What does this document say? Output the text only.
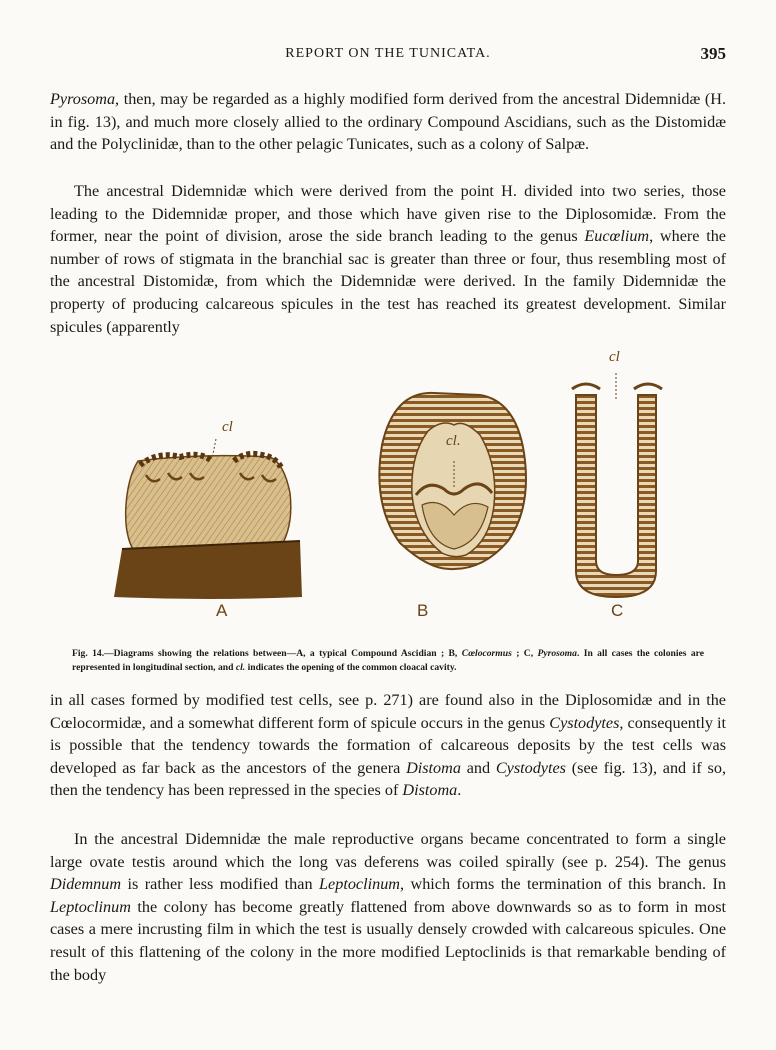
REPORT ON THE TUNICATA.	395

Pyrosoma, then, may be regarded as a highly modified form derived from the ancestral Didemnidæ (H. in fig. 13), and much more closely allied to the ordinary Compound Ascidians, such as the Distomidæ and the Polyclinidæ, than to the other pelagic Tunicates, such as a colony of Salpæ.

The ancestral Didemnidæ which were derived from the point H. divided into two series, those leading to the Didemnidæ proper, and those which have given rise to the Diplosomidæ. From the former, near the point of division, arose the side branch leading to the genus Eucœlium, where the number of rows of stigmata in the branchial sac is greater than three or four, thus resembling most of the ancestral Distomidæ, from which the Didemnidæ were derived. In the family Didemnidæ the property of producing calcareous spicules in the test has reached its greatest development. Similar spicules (apparently

cl
cl.
cl
A	B	C

Fig. 14.—Diagrams showing the relations between—A, a typical Compound Ascidian ; B, Cœlocormus ; C, Pyrosoma. In all cases the colonies are represented in longitudinal section, and cl. indicates the opening of the common cloacal cavity.

in all cases formed by modified test cells, see p. 271) are found also in the Diplosomidæ and in the Cœlocormidæ, and a somewhat different form of spicule occurs in the genus Cystodytes, consequently it is possible that the tendency towards the formation of calcareous deposits by the test cells was developed as far back as the ancestors of the genera Distoma and Cystodytes (see fig. 13), and if so, then the tendency has been repressed in the species of Distoma.

In the ancestral Didemnidæ the male reproductive organs became concentrated to form a single large ovate testis around which the long vas deferens was coiled spirally (see p. 254). The genus Didemnum is rather less modified than Leptoclinum, which forms the termination of this branch. In Leptoclinum the colony has become greatly flattened from above downwards so as to form in most cases a mere incrusting film in which the test is usually densely crowded with calcareous spicules. One result of this flattening of the colony in the more modified Leptoclinids is that remarkable bending of the body
